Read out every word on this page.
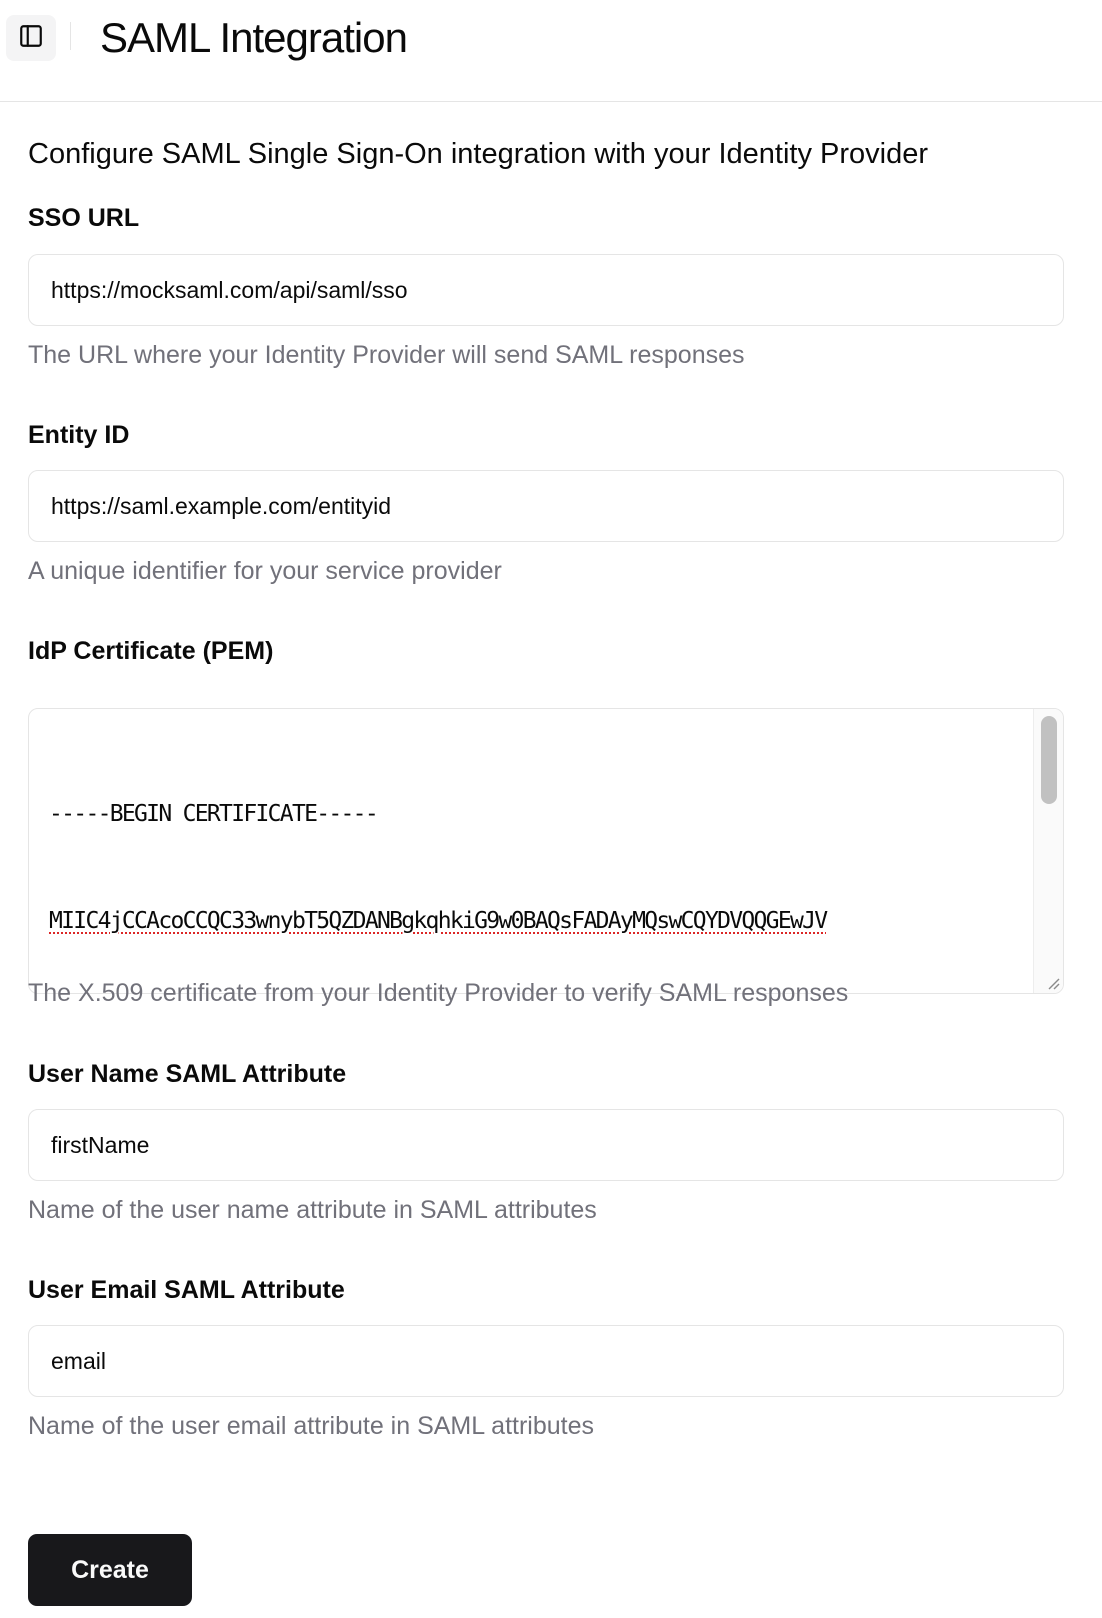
SAML Integration

Configure SAML Single Sign-On integration with your Identity Provider

SSO URL
https://mocksaml.com/api/saml/sso

The URL where your Identity Provider will send SAML responses

Entity ID
https://saml.example.com/entityid

A unique identifier for your service provider

IdP Certificate (PEM)

-----BEGIN CERTIFICATE-----

MIIC4jCCAcoCCQC33wnybT5QZDANBgkqhkiG9w0BAQsFADAyMQswCQYDVQQGEwJV

The X.509 certificate from your Identity Provider to verify SAML responses

User Name SAML Attribute
firstName

Name of the user name attribute in SAML attributes

User Email SAML Attribute
email

Name of the user email attribute in SAML attributes

Create
